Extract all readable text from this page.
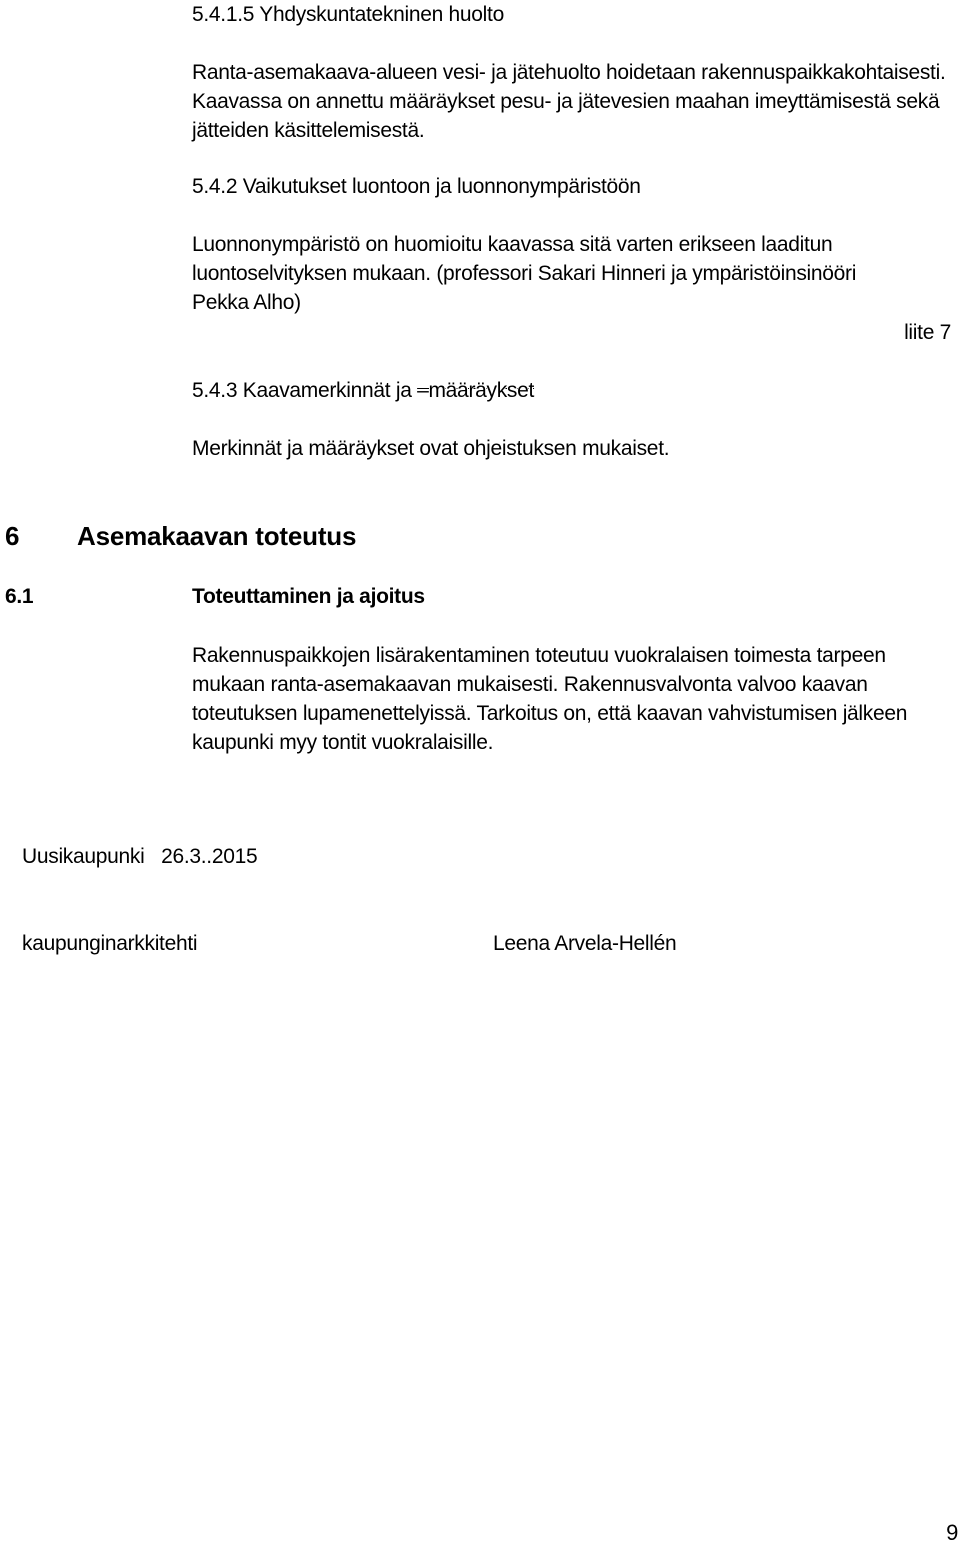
5.4.1.5 Yhdyskuntatekninen huolto

Ranta-asemakaava-alueen vesi- ja jätehuolto hoidetaan rakennuspaikkakohtaisesti. Kaavassa on annettu määräykset pesu- ja jätevesien maahan imeyttämisestä sekä jätteiden käsittelemisestä.

5.4.2 Vaikutukset luontoon ja luonnonympäristöön

Luonnonympäristö on huomioitu kaavassa sitä varten erikseen laaditun luontoselvityksen mukaan. (professori Sakari Hinneri ja ympäristöinsinööri Pekka Alho)

liite 7

5.4.3 Kaavamerkinnät ja –määräykset

Merkinnät ja määräykset ovat ohjeistuksen mukaiset.

6 Asemakaavan toteutus

6.1	Toteuttaminen ja ajoitus

Rakennuspaikkojen lisärakentaminen toteutuu vuokralaisen toimesta tarpeen mukaan ranta-asemakaavan mukaisesti. Rakennusvalvonta valvoo kaavan toteutuksen lupamenettelyissä. Tarkoitus on, että kaavan vahvistumisen jälkeen kaupunki myy tontit vuokralaisille.

Uusikaupunki   26.3..2015

kaupunginarkkitehti	Leena Arvela-Hellén

9
